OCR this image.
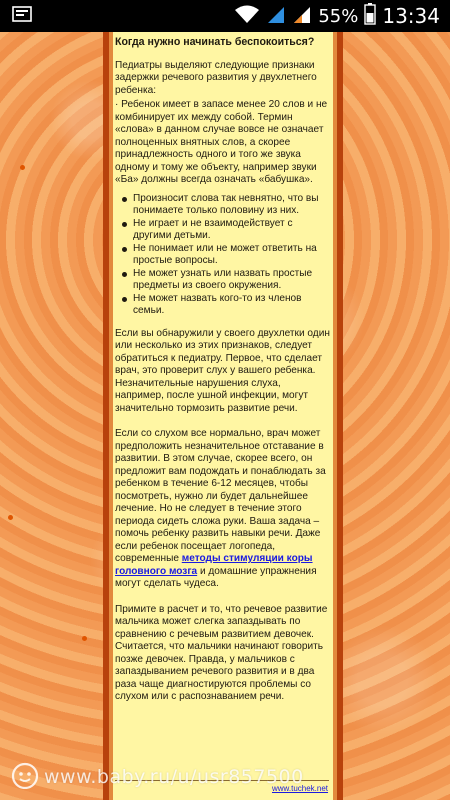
55% 13:34
Когда нужно начинать беспокоиться?
Педиатры выделяют следующие признаки задержки речевого развития у двухлетнего ребенка:
· Ребенок имеет в запасе менее 20 слов и не комбинирует их между собой. Термин «слова» в данном случае вовсе не означает полноценных внятных слов, а скорее принадлежность одного и того же звука одному и тому же объекту, например звуки «Ба» должны всегда означать «бабушка».
Произносит слова так невнятно, что вы понимаете только половину из них.
Не играет и не взаимодействует с другими детьми.
Не понимает или не может ответить на простые вопросы.
Не может узнать или назвать простые предметы из своего окружения.
Не может назвать кого-то из членов семьи.

Если вы обнаружили у своего двухлетки один или несколько из этих признаков, следует обратиться к педиатру. Первое, что сделает врач, это проверит слух у вашего ребенка. Незначительные нарушения слуха, например, после ушной инфекции, могут значительно тормозить развитие речи.

Если со слухом все нормально, врач может предположить незначительное отставание в развитии. В этом случае, скорее всего, он предложит вам подождать и понаблюдать за ребенком в течение 6-12 месяцев, чтобы посмотреть, нужно ли будет дальнейшее лечение. Но не следует в течение этого периода сидеть сложа руки. Ваша задача – помочь ребенку развить навыки речи. Даже если ребенок посещает логопеда, современные методы стимуляции коры головного мозга и домашние упражнения могут сделать чудеса.

Примите в расчет и то, что речевое развитие мальчика может слегка запаздывать по сравнению с речевым развитием девочек. Считается, что мальчики начинают говорить позже девочек. Правда, у мальчиков с запаздыванием речевого развития и в два раза чаще диагностируются проблемы со слухом или с распознаванием речи.

www.tuchek.net
www.baby.ru/u/usr857500
